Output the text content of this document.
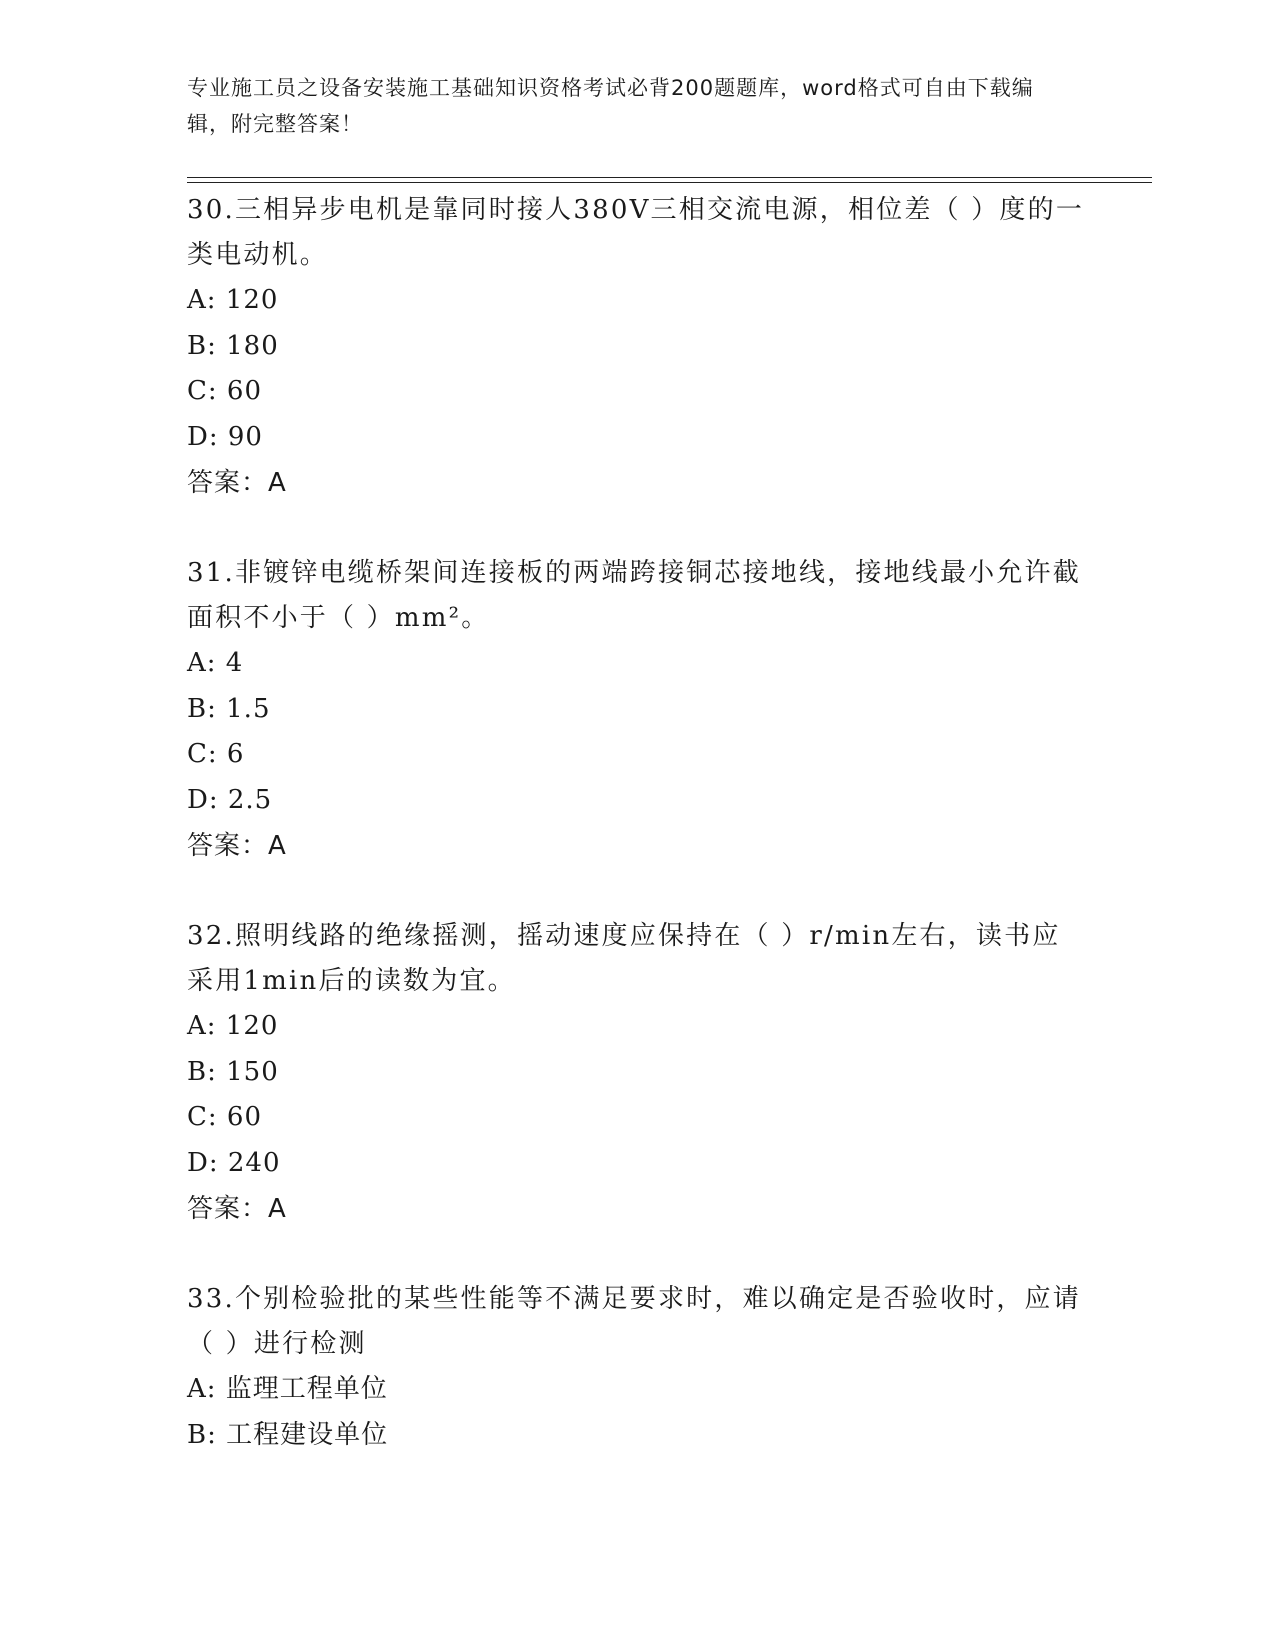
专业施工员之设备安装施工基础知识资格考试必背200题题库，word格式可自由下载编辑，附完整答案！
30.三相异步电机是靠同时接人380V三相交流电源，相位差（ ）度的一类电动机。
A: 120
B: 180
C: 60
D: 90
答案：A
31.非镀锌电缆桥架间连接板的两端跨接铜芯接地线，接地线最小允许截面积不小于（ ）mm²。
A: 4
B: 1.5
C: 6
D: 2.5
答案：A
32.照明线路的绝缘摇测，摇动速度应保持在（ ）r/min左右，读书应采用1min后的读数为宜。
A: 120
B: 150
C: 60
D: 240
答案：A
33.个别检验批的某些性能等不满足要求时，难以确定是否验收时，应请（ ）进行检测
A: 监理工程单位
B: 工程建设单位
